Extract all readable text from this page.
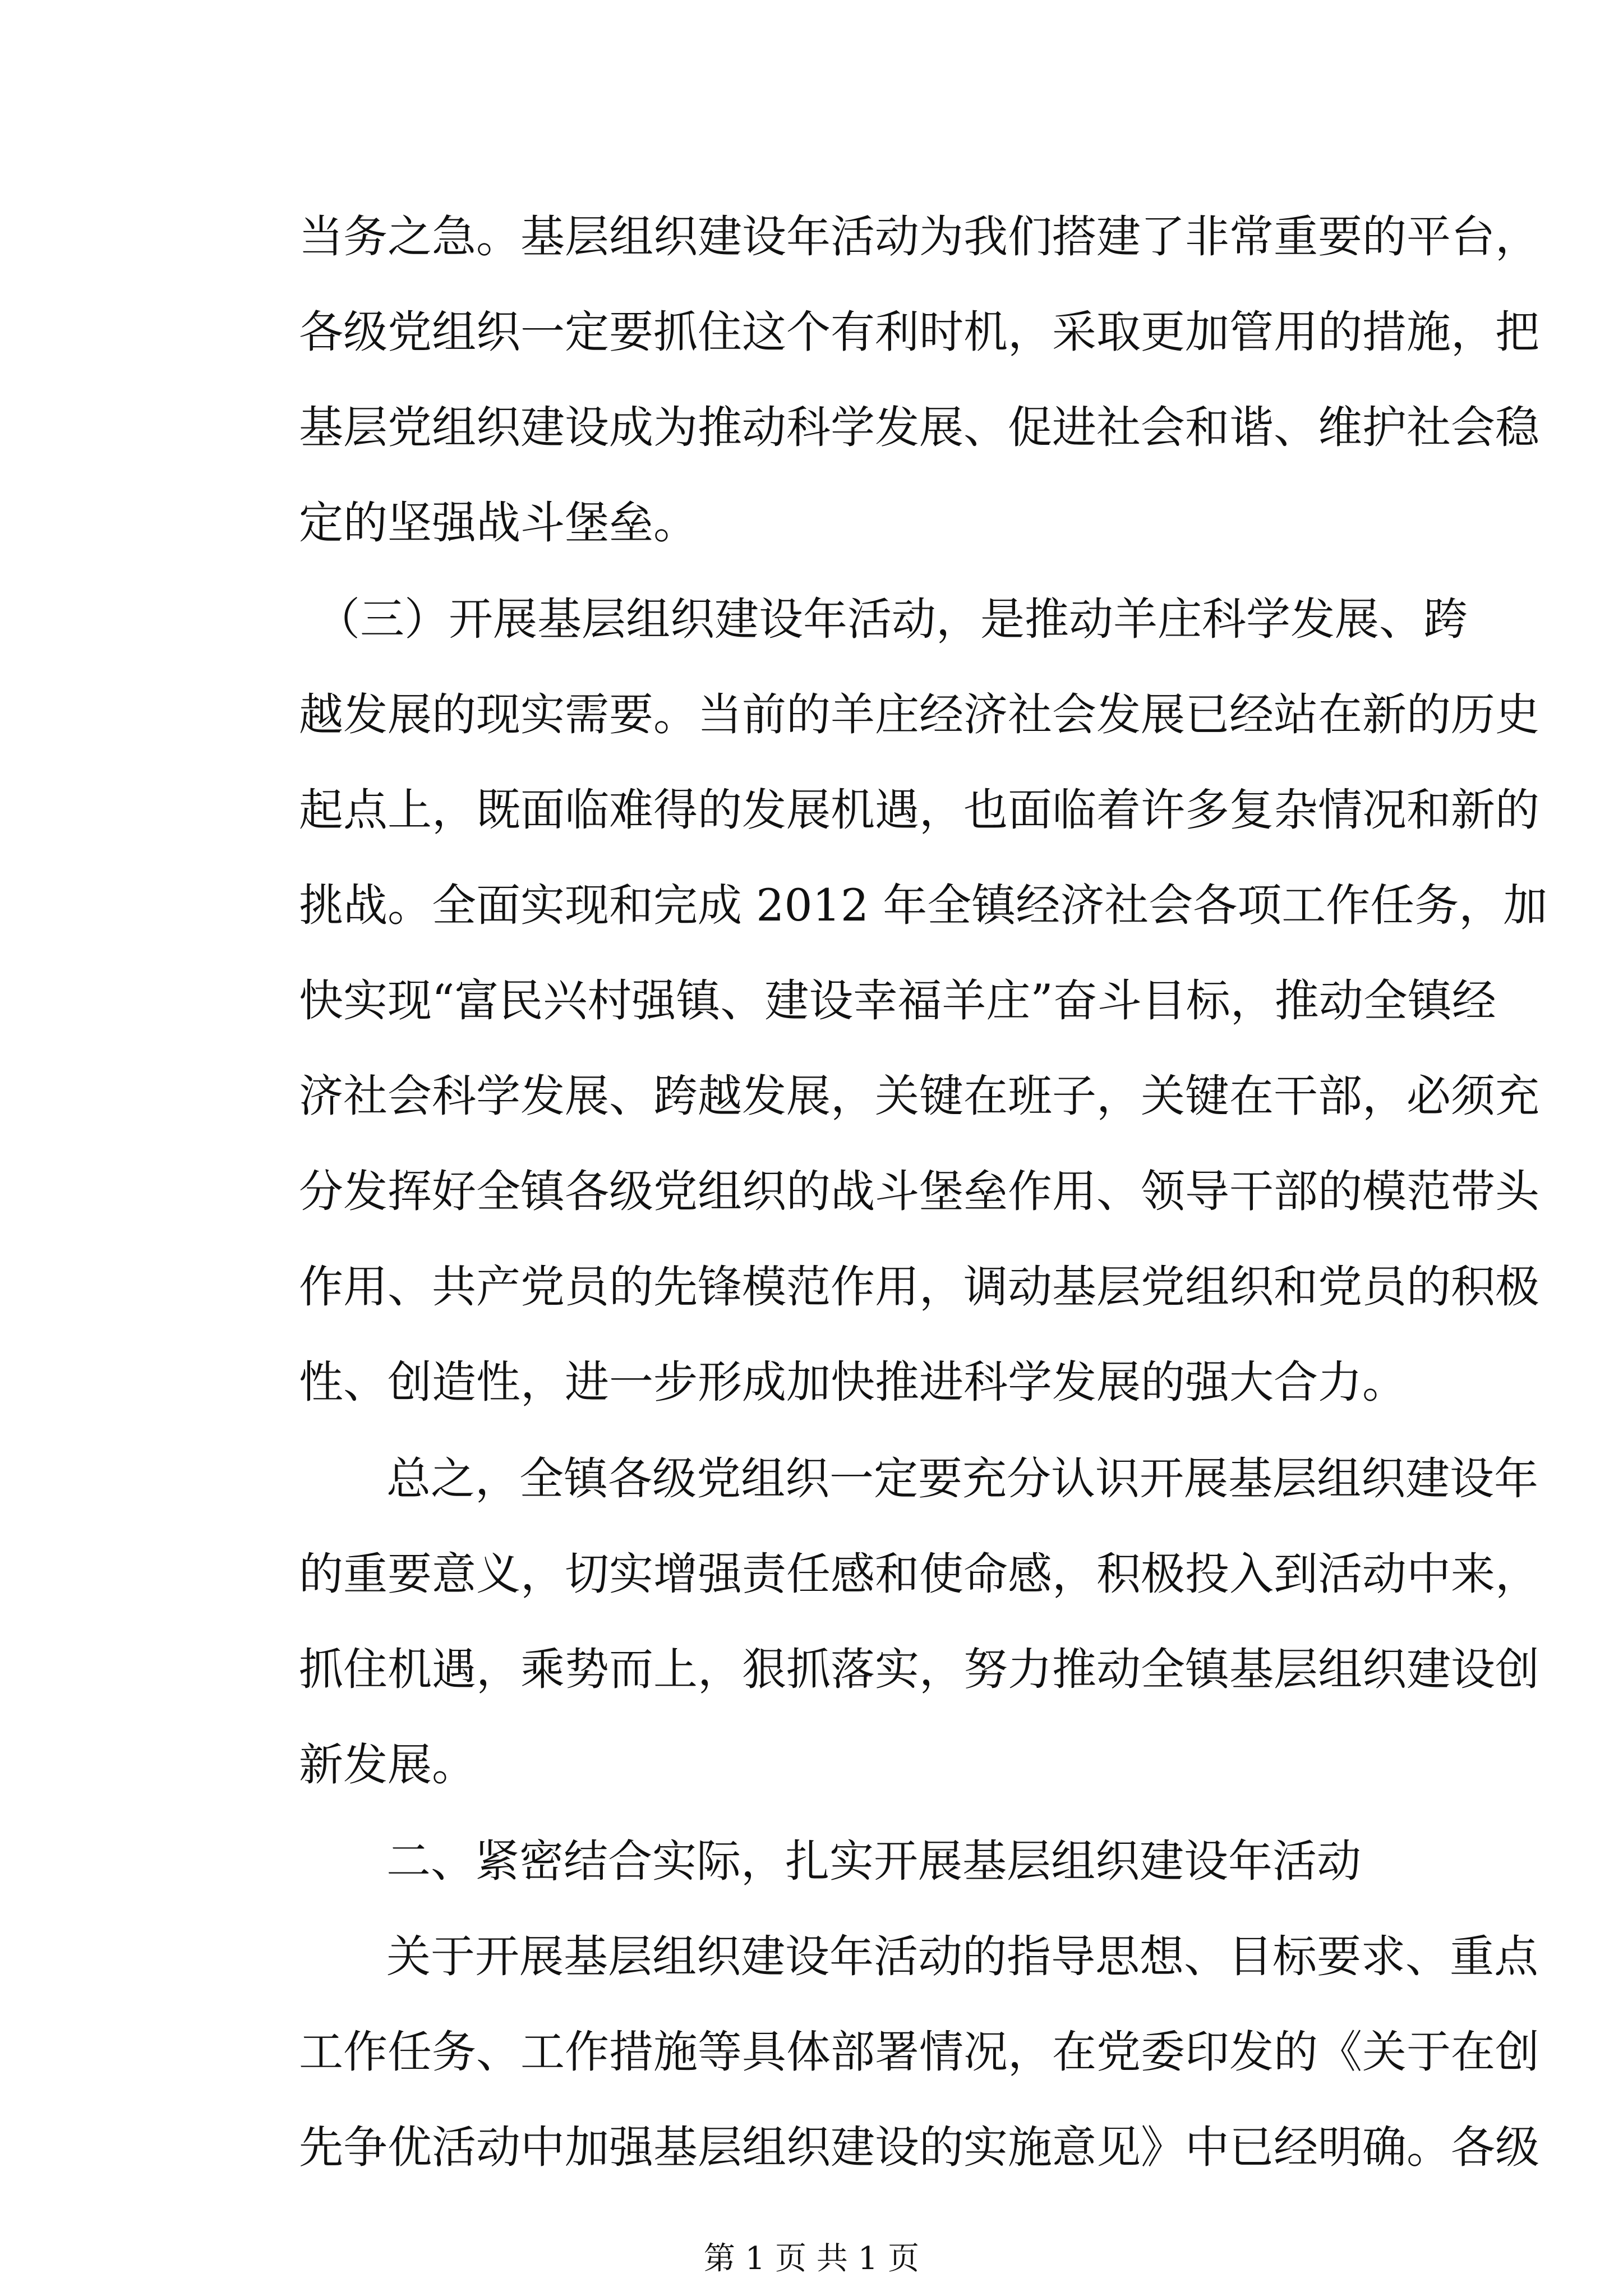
当务之急。基层组织建设年活动为我们搭建了非常重要的平台，
各级党组织一定要抓住这个有利时机，采取更加管用的措施，把
基层党组织建设成为推动科学发展、促进社会和谐、维护社会稳
定的坚强战斗堡垒。
（三）开展基层组织建设年活动，是推动羊庄科学发展、跨
越发展的现实需要。当前的羊庄经济社会发展已经站在新的历史
起点上，既面临难得的发展机遇，也面临着许多复杂情况和新的
挑战。全面实现和完成 2012 年全镇经济社会各项工作任务，加
快实现“富民兴村强镇、建设幸福羊庄”奋斗目标，推动全镇经
济社会科学发展、跨越发展，关键在班子，关键在干部，必须充
分发挥好全镇各级党组织的战斗堡垒作用、领导干部的模范带头
作用、共产党员的先锋模范作用，调动基层党组织和党员的积极
性、创造性，进一步形成加快推进科学发展的强大合力。
总之，全镇各级党组织一定要充分认识开展基层组织建设年
的重要意义，切实增强责任感和使命感，积极投入到活动中来，
抓住机遇，乘势而上，狠抓落实，努力推动全镇基层组织建设创
新发展。
二、紧密结合实际，扎实开展基层组织建设年活动
关于开展基层组织建设年活动的指导思想、目标要求、重点
工作任务、工作措施等具体部署情况，在党委印发的《关于在创
先争优活动中加强基层组织建设的实施意见》中已经明确。各级
第 1 页 共 1 页
